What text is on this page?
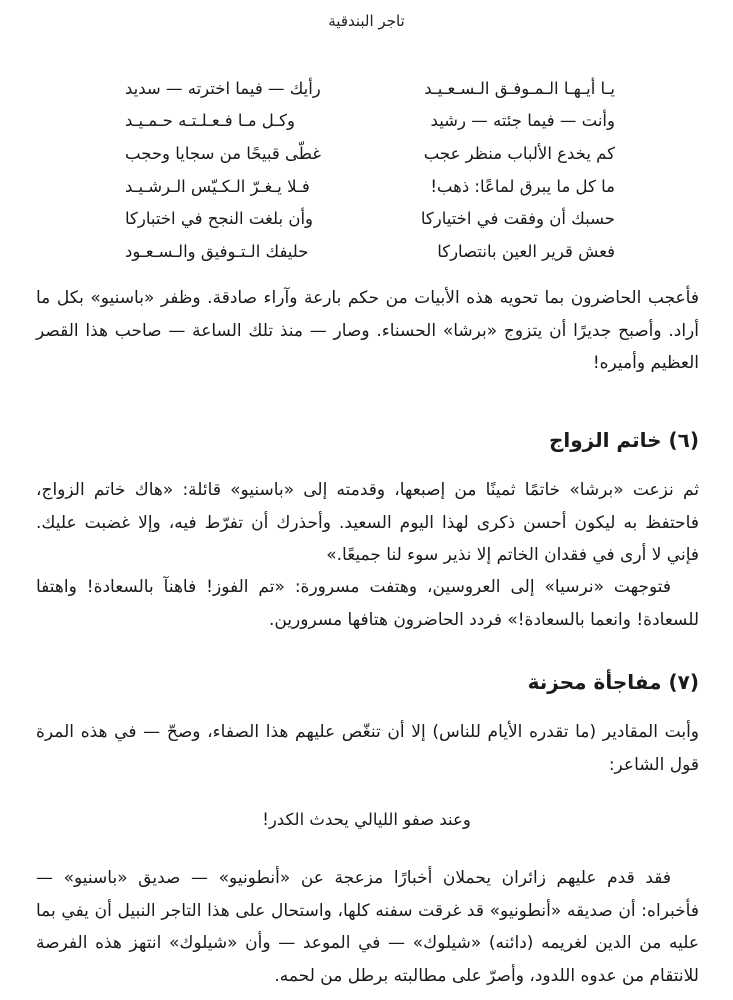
تاجر البندقية
يـا أيـهـا الـمـوفـق الـسـعـيـد
رأيك — فيما اخترته — سديد
وأنت — فيما جئته — رشيد
وكـل مـا فـعـلـتـه حـمـيـد
كم يخدع الألباب منظر عجب
غطّى قبيحًا من سجايا وحجب
ما كل ما يبرق لماعًا: ذهب!
فـلا يـغـرّ الـكـيّس الـرشـيـد
حسبك أن وفقت في اختياركا
وأن بلغت النجح في اختباركا
فعش قرير العين بانتصاركا
حليفك الـتـوفيق والـسـعـود

فأعجب الحاضرون بما تحويه هذه الأبيات من حكم بارعة وآراء صادقة. وظفر «باسنيو» بكل ما أراد. وأصبح جديرًا أن يتزوج «برشا» الحسناء. وصار — منذ تلك الساعة — صاحب هذا القصر العظيم وأميره!

(٦) خاتم الزواج

ثم نزعت «برشا» خاتمًا ثمينًا من إصبعها، وقدمته إلى «باسنيو» قائلة: «هاك خاتم الزواج، فاحتفظ به ليكون أحسن ذكرى لهذا اليوم السعيد. وأحذرك أن تفرّط فيه، وإلا غضبت عليك. فإني لا أرى في فقدان الخاتم إلا نذير سوء لنا جميعًا.»

فتوجهت «نرسيا» إلى العروسين، وهتفت مسرورة: «تم الفوز! فاهنآ بالسعادة! واهتفا للسعادة! وانعما بالسعادة!» فردد الحاضرون هتافها مسرورين.

(٧) مفاجأة محزنة

وأبت المقادير (ما تقدره الأيام للناس) إلا أن تنغّص عليهم هذا الصفاء، وصحّ — في هذه المرة قول الشاعر:

وعند صفو الليالي يحدث الكدر!

فقد قدم عليهم زائران يحملان أخبارًا مزعجة عن «أنطونيو» — صديق «باسنيو» — فأخبراه: أن صديقه «أنطونيو» قد غرقت سفنه كلها، واستحال على هذا التاجر النبيل أن يفي بما عليه من الدين لغريمه (دائنه) «شيلوك» — في الموعد — وأن «شيلوك» انتهز هذه الفرصة للانتقام من عدوه اللدود، وأصرّ على مطالبته برطل من لحمه.
